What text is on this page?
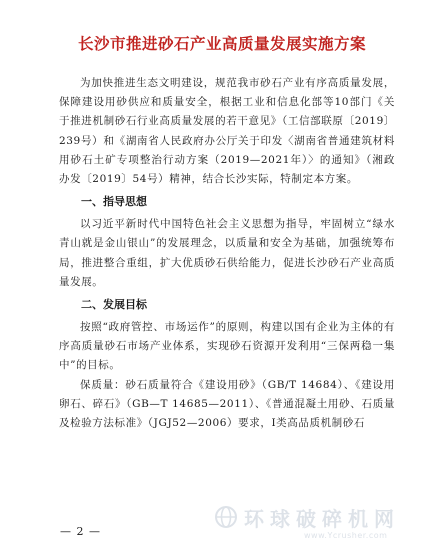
长沙市推进砂石产业高质量发展实施方案

为加快推进生态文明建设，规范我市砂石产业有序高质量发展，保障建设用砂供应和质量安全，根据工业和信息化部等10部门《关于推进机制砂石行业高质量发展的若干意见》（工信部联原〔2019〕239号）和《湖南省人民政府办公厅关于印发〈湖南省普通建筑材料用砂石土矿专项整治行动方案（2019—2021年）〉的通知》（湘政办发〔2019〕54号）精神，结合长沙实际，特制定本方案。

一、指导思想

以习近平新时代中国特色社会主义思想为指导，牢固树立“绿水青山就是金山银山”的发展理念，以质量和安全为基础，加强统筹布局，推进整合重组，扩大优质砂石供给能力，促进长沙砂石产业高质量发展。

二、发展目标

按照“政府管控、市场运作”的原则，构建以国有企业为主体的有序高质量砂石市场产业体系，实现砂石资源开发利用“三保两稳一集中”的目标。

保质量：砂石质量符合《建设用砂》（GB/T 14684）、《建设用卵石、碎石》（GB—T 14685—2011）、《普通混凝土用砂、石质量及检验方法标准》（JGJ52—2006）要求，I类高品质机制砂石

— 2 —
环球破碎机网
www.Ycrusher.com
